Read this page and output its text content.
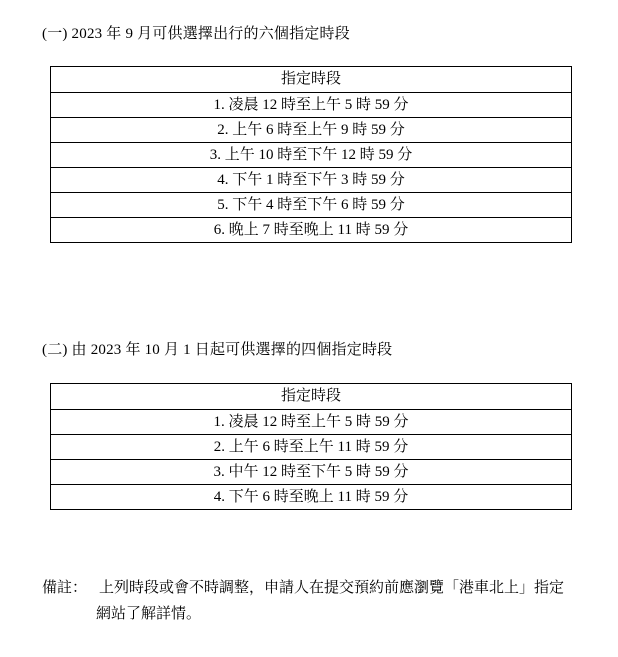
(一) 2023 年 9 月可供選擇出行的六個指定時段
指定時段
1. 凌晨 12 時至上午 5 時 59 分
2. 上午 6 時至上午 9 時 59 分
3. 上午 10 時至下午 12 時 59 分
4. 下午 1 時至下午 3 時 59 分
5. 下午 4 時至下午 6 時 59 分
6. 晚上 7 時至晚上 11 時 59 分
(二) 由 2023 年 10 月 1 日起可供選擇的四個指定時段
指定時段
1. 凌晨 12 時至上午 5 時 59 分
2. 上午 6 時至上午 11 時 59 分
3. 中午 12 時至下午 5 時 59 分
4. 下午 6 時至晚上 11 時 59 分
備註： 上列時段或會不時調整，申請人在提交預約前應瀏覽「港車北上」指定
網站了解詳情。
